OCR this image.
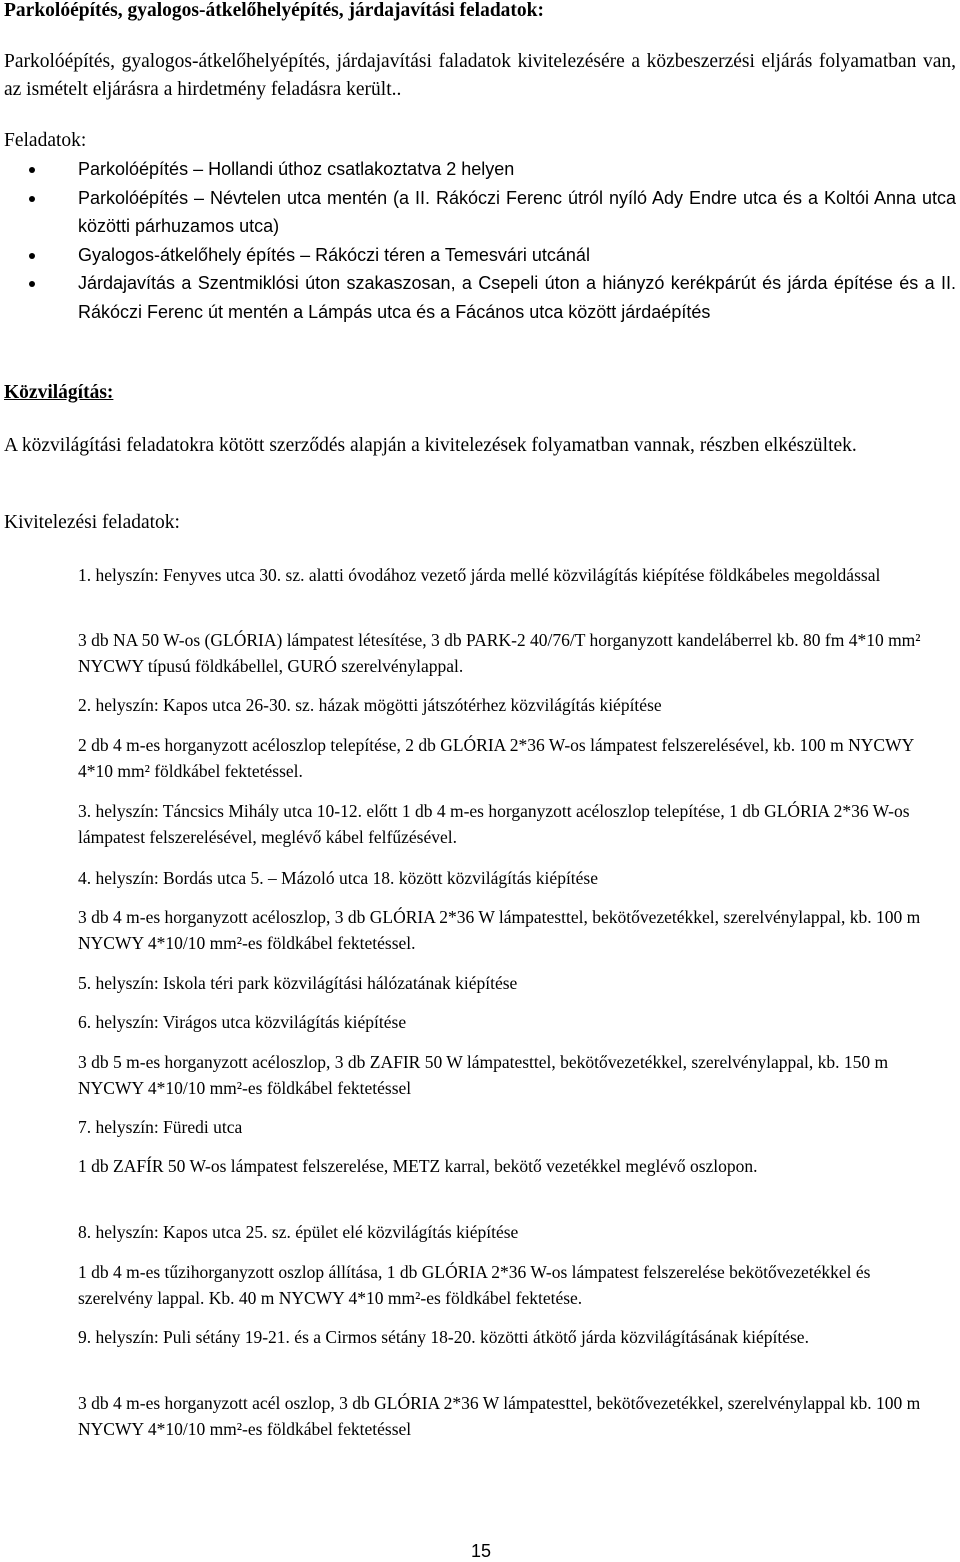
Parkolóépítés, gyalogos-átkelőhelyépítés, járdajavítási feladatok:
Parkolóépítés, gyalogos-átkelőhelyépítés, járdajavítási faladatok kivitelezésére a közbeszerzési eljárás folyamatban van, az ismételt eljárásra a hirdetmény feladásra került..
Feladatok:
Parkolóépítés – Hollandi úthoz csatlakoztatva 2 helyen
Parkolóépítés – Névtelen utca mentén (a II. Rákóczi Ferenc útról nyíló Ady Endre utca és a Koltói Anna utca közötti párhuzamos utca)
Gyalogos-átkelőhely építés – Rákóczi téren a Temesvári utcánál
Járdajavítás a Szentmiklósi úton szakaszosan, a Csepeli úton a hiányzó kerékpárút és járda építése és a II. Rákóczi Ferenc út mentén a Lámpás utca és a Fácános utca között járdaépítés
Közvilágítás:
A közvilágítási feladatokra kötött szerződés alapján a kivitelezések folyamatban vannak, részben elkészültek.
Kivitelezési feladatok:
1. helyszín: Fenyves utca 30. sz. alatti óvodához vezető járda mellé közvilágítás kiépítése földkábeles megoldással
3 db NA 50 W-os (GLÓRIA) lámpatest létesítése, 3 db PARK-2 40/76/T horganyzott kandeláberrel kb. 80 fm 4*10 mm² NYCWY típusú földkábellel, GURÓ szerelvénylappal.
2. helyszín: Kapos utca 26-30. sz. házak mögötti játszótérhez közvilágítás kiépítése
2 db 4 m-es horganyzott acéloszlop telepítése, 2 db GLÓRIA 2*36 W-os lámpatest felszerelésével, kb. 100 m NYCWY 4*10 mm² földkábel fektetéssel.
3. helyszín: Táncsics Mihály utca 10-12. előtt 1 db 4 m-es horganyzott acéloszlop telepítése, 1 db GLÓRIA 2*36 W-os lámpatest felszerelésével, meglévő kábel felfűzésével.
4. helyszín: Bordás utca 5. – Mázoló utca 18. között közvilágítás kiépítése
3 db 4 m-es horganyzott acéloszlop, 3 db GLÓRIA 2*36 W lámpatesttel, bekötővezetékkel, szerelvénylappal, kb. 100 m NYCWY 4*10/10 mm²-es földkábel fektetéssel.
5. helyszín: Iskola téri park közvilágítási hálózatának kiépítése
6. helyszín: Virágos utca közvilágítás kiépítése
3 db 5 m-es horganyzott acéloszlop, 3 db ZAFIR 50 W lámpatesttel, bekötővezetékkel, szerelvénylappal, kb. 150 m NYCWY 4*10/10 mm²-es földkábel fektetéssel
7. helyszín: Füredi utca
1 db ZAFÍR 50 W-os lámpatest felszerelése, METZ karral, bekötő vezetékkel meglévő oszlopon.
8. helyszín: Kapos utca 25. sz. épület elé közvilágítás kiépítése
1 db 4 m-es tűzihorganyzott oszlop állítása, 1 db GLÓRIA 2*36 W-os lámpatest felszerelése bekötővezetékkel és szerelvény lappal. Kb. 40 m NYCWY 4*10 mm²-es földkábel fektetése.
9. helyszín: Puli sétány 19-21. és a Cirmos sétány 18-20. közötti átkötő járda közvilágításának kiépítése.
3 db 4 m-es horganyzott acél oszlop, 3 db GLÓRIA 2*36 W lámpatesttel, bekötővezetékkel, szerelvénylappal kb. 100 m NYCWY 4*10/10 mm²-es földkábel fektetéssel
15
